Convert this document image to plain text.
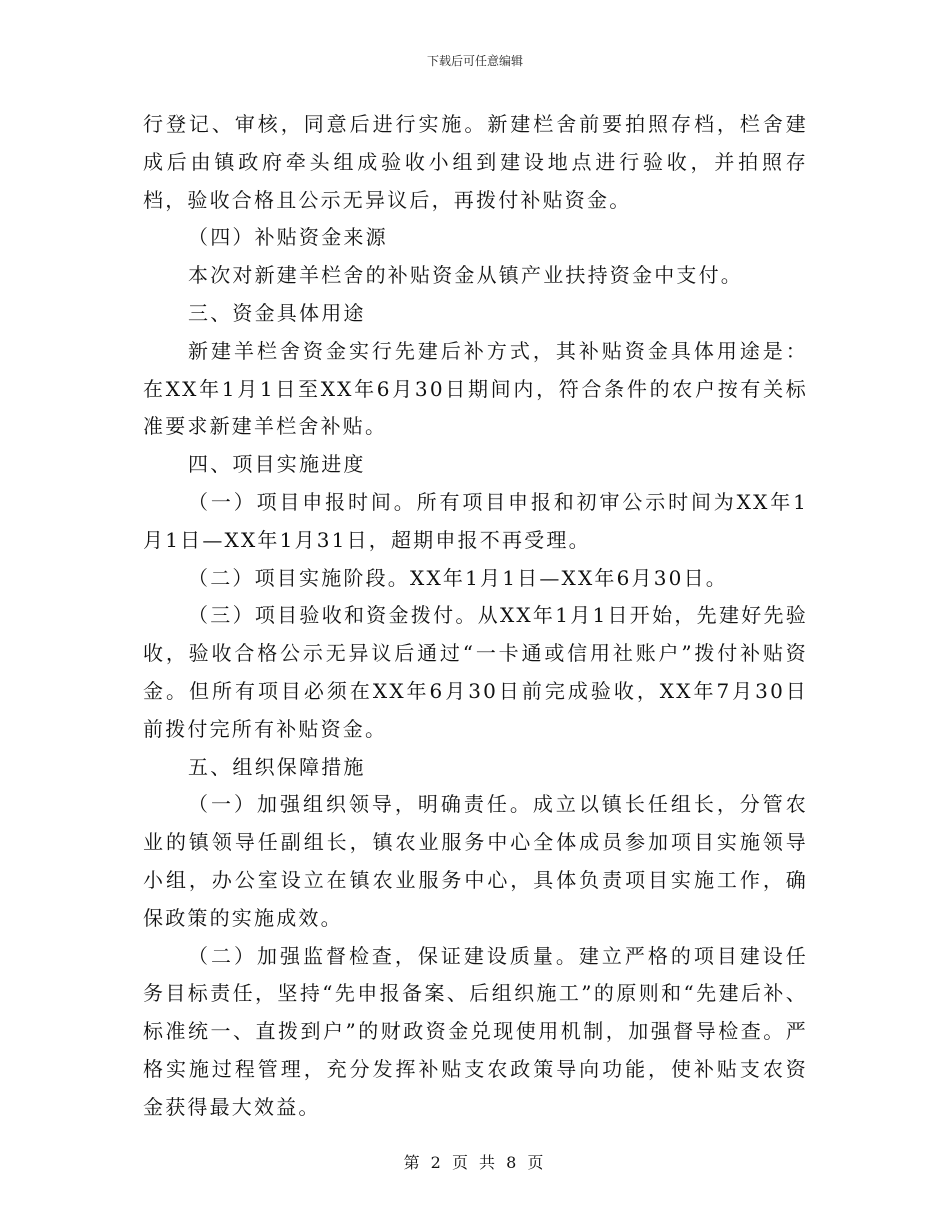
下载后可任意编辑

行登记、审核，同意后进行实施。新建栏舍前要拍照存档，栏舍建成后由镇政府牵头组成验收小组到建设地点进行验收，并拍照存档，验收合格且公示无异议后，再拨付补贴资金。

（四）补贴资金来源

本次对新建羊栏舍的补贴资金从镇产业扶持资金中支付。

三、资金具体用途

新建羊栏舍资金实行先建后补方式，其补贴资金具体用途是：在XX年1月1日至XX年6月30日期间内，符合条件的农户按有关标准要求新建羊栏舍补贴。

四、项目实施进度

（一）项目申报时间。所有项目申报和初审公示时间为XX年1月1日—XX年1月31日，超期申报不再受理。

（二）项目实施阶段。XX年1月1日—XX年6月30日。

（三）项目验收和资金拨付。从XX年1月1日开始，先建好先验收，验收合格公示无异议后通过“一卡通或信用社账户”拨付补贴资金。但所有项目必须在XX年6月30日前完成验收，XX年7月30日前拨付完所有补贴资金。

五、组织保障措施

（一）加强组织领导，明确责任。成立以镇长任组长，分管农业的镇领导任副组长，镇农业服务中心全体成员参加项目实施领导小组，办公室设立在镇农业服务中心，具体负责项目实施工作，确保政策的实施成效。

（二）加强监督检查，保证建设质量。建立严格的项目建设任务目标责任，坚持“先申报备案、后组织施工”的原则和“先建后补、标准统一、直拨到户”的财政资金兑现使用机制，加强督导检查。严格实施过程管理，充分发挥补贴支农政策导向功能，使补贴支农资金获得最大效益。

第 2 页 共 8 页
